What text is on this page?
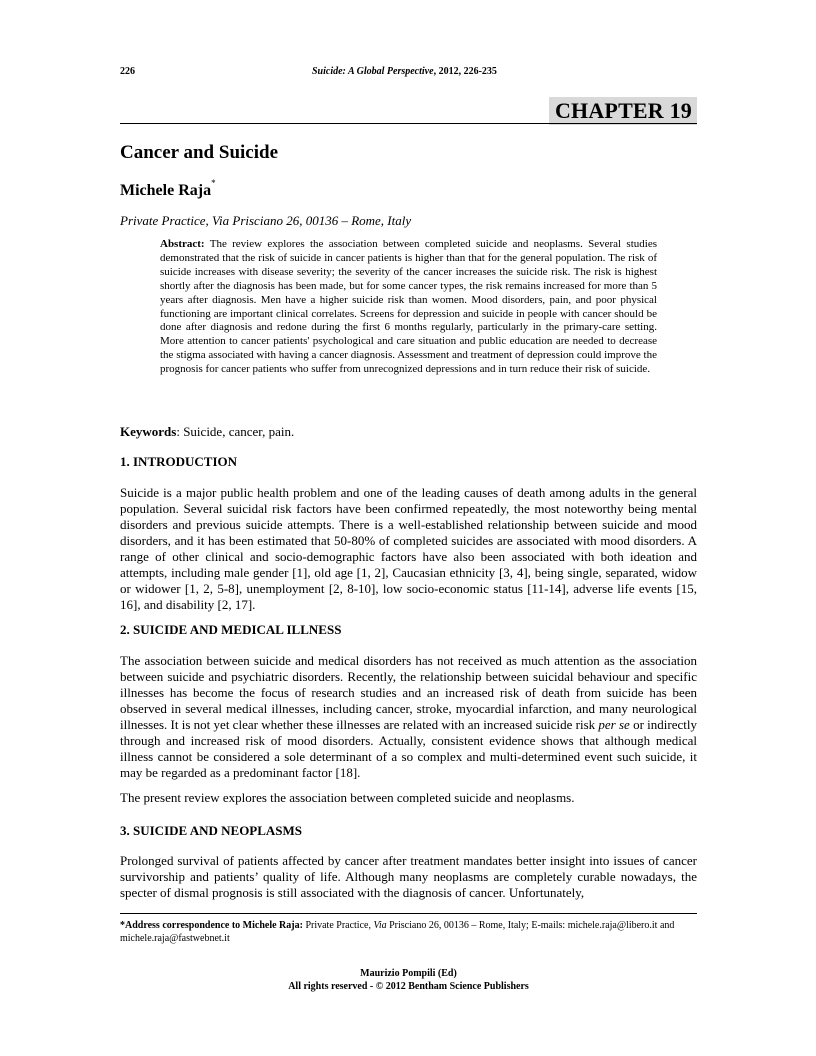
226	Suicide: A Global Perspective, 2012, 226-235
CHAPTER 19
Cancer and Suicide
Michele Raja*
Private Practice, Via Prisciano 26, 00136 – Rome, Italy
Abstract: The review explores the association between completed suicide and neoplasms. Several studies demonstrated that the risk of suicide in cancer patients is higher than that for the general population. The risk of suicide increases with disease severity; the severity of the cancer increases the suicide risk. The risk is highest shortly after the diagnosis has been made, but for some cancer types, the risk remains increased for more than 5 years after diagnosis. Men have a higher suicide risk than women. Mood disorders, pain, and poor physical functioning are important clinical correlates. Screens for depression and suicide in people with cancer should be done after diagnosis and redone during the first 6 months regularly, particularly in the primary-care setting. More attention to cancer patients' psychological and care situation and public education are needed to decrease the stigma associated with having a cancer diagnosis. Assessment and treatment of depression could improve the prognosis for cancer patients who suffer from unrecognized depressions and in turn reduce their risk of suicide.
Keywords: Suicide, cancer, pain.
1. INTRODUCTION

Suicide is a major public health problem and one of the leading causes of death among adults in the general population. Several suicidal risk factors have been confirmed repeatedly, the most noteworthy being mental disorders and previous suicide attempts. There is a well-established relationship between suicide and mood disorders, and it has been estimated that 50-80% of completed suicides are associated with mood disorders. A range of other clinical and socio-demographic factors have also been associated with both ideation and attempts, including male gender [1], old age [1, 2], Caucasian ethnicity [3, 4], being single, separated, widow or widower [1, 2, 5-8], unemployment [2, 8-10], low socio-economic status [11-14], adverse life events [15, 16], and disability [2, 17].

2. SUICIDE AND MEDICAL ILLNESS

The association between suicide and medical disorders has not received as much attention as the association between suicide and psychiatric disorders. Recently, the relationship between suicidal behaviour and specific illnesses has become the focus of research studies and an increased risk of death from suicide has been observed in several medical illnesses, including cancer, stroke, myocardial infarction, and many neurological illnesses. It is not yet clear whether these illnesses are related with an increased suicide risk per se or indirectly through and increased risk of mood disorders. Actually, consistent evidence shows that although medical illness cannot be considered a sole determinant of a so complex and multi-determined event such suicide, it may be regarded as a predominant factor [18].

The present review explores the association between completed suicide and neoplasms.

3. SUICIDE AND NEOPLASMS

Prolonged survival of patients affected by cancer after treatment mandates better insight into issues of cancer survivorship and patients’ quality of life. Although many neoplasms are completely curable nowadays, the specter of dismal prognosis is still associated with the diagnosis of cancer. Unfortunately,

*Address correspondence to Michele Raja: Private Practice, Via Prisciano 26, 00136 – Rome, Italy; E-mails: michele.raja@libero.it and michele.raja@fastwebnet.it
Maurizio Pompili (Ed)
All rights reserved - © 2012 Bentham Science Publishers
